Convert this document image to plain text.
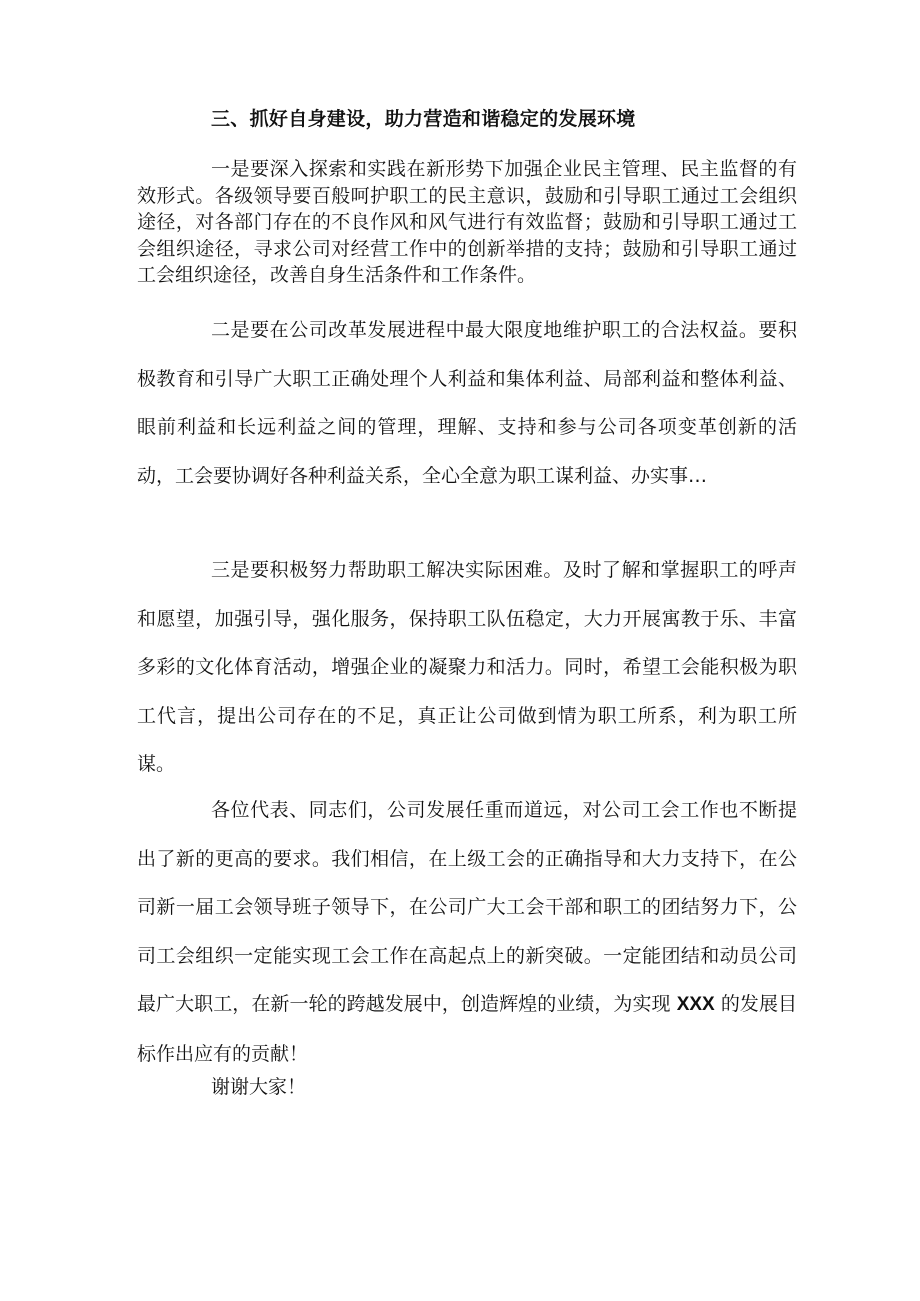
三、抓好自身建设，助力营造和谐稳定的发展环境

一是要深入探索和实践在新形势下加强企业民主管理、民主监督的有效形式。各级领导要百般呵护职工的民主意识，鼓励和引导职工通过工会组织途径，对各部门存在的不良作风和风气进行有效监督；鼓励和引导职工通过工会组织途径，寻求公司对经营工作中的创新举措的支持；鼓励和引导职工通过工会组织途径，改善自身生活条件和工作条件。

二是要在公司改革发展进程中最大限度地维护职工的合法权益。要积极教育和引导广大职工正确处理个人利益和集体利益、局部利益和整体利益、眼前利益和长远利益之间的管理，理解、支持和参与公司各项变革创新的活动，工会要协调好各种利益关系，全心全意为职工谋利益、办实事…

三是要积极努力帮助职工解决实际困难。及时了解和掌握职工的呼声和愿望，加强引导，强化服务，保持职工队伍稳定，大力开展寓教于乐、丰富多彩的文化体育活动，增强企业的凝聚力和活力。同时，希望工会能积极为职工代言，提出公司存在的不足，真正让公司做到情为职工所系，利为职工所谋。

各位代表、同志们，公司发展任重而道远，对公司工会工作也不断提出了新的更高的要求。我们相信，在上级工会的正确指导和大力支持下，在公司新一届工会领导班子领导下，在公司广大工会干部和职工的团结努力下，公司工会组织一定能实现工会工作在高起点上的新突破。一定能团结和动员公司最广大职工，在新一轮的跨越发展中，创造辉煌的业绩，为实现 XXX 的发展目标作出应有的贡献！

谢谢大家！
